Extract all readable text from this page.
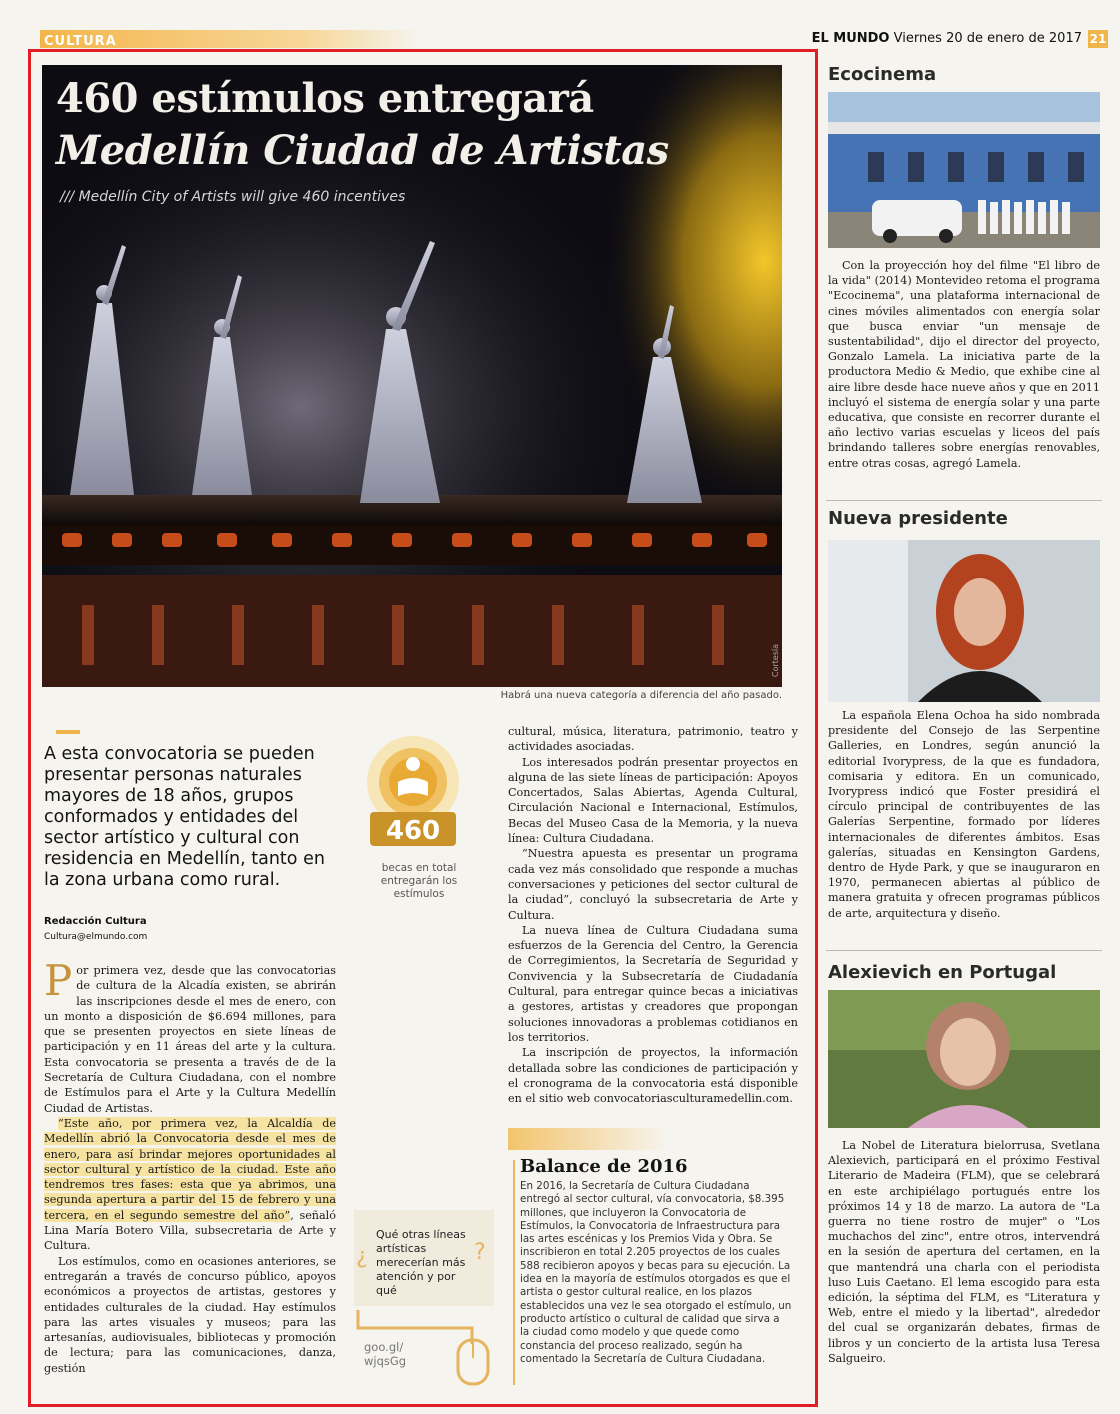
CULTURA	EL MUNDO Viernes 20 de enero de 2017 21
460 estímulos entregará
Medellín Ciudad de Artistas
/// Medellín City of Artists will give 460 incentives
Cortesía
Habrá una nueva categoría a diferencia del año pasado.
A esta convocatoria se pueden presentar personas naturales mayores de 18 años, grupos conformados y entidades del sector artístico y cultural con residencia en Medellín, tanto en la zona urbana como rural.
Redacción Cultura
Cultura@elmundo.com
460
becas en total entregarán los estímulos

Por primera vez, desde que las convocatorias de cultura de la Alcadía existen, se abrirán las inscripciones desde el mes de enero, con un monto a disposición de $6.694 millones, para que se presenten proyectos en siete líneas de participación y en 11 áreas del arte y la cultura. Esta convocatoria se presenta a través de de la Secretaría de Cultura Ciudadana, con el nombre de Estímulos para el Arte y la Cultura Medellín Ciudad de Artistas.

“Este año, por primera vez, la Alcaldía de Medellín abrió la Convocatoria desde el mes de enero, para así brindar mejores oportunidades al sector cultural y artístico de la ciudad. Este año tendremos tres fases: esta que ya abrimos, una segunda apertura a partir del 15 de febrero y una tercera, en el segundo semestre del año”, señaló Lina María Botero Villa, subsecretaria de Arte y Cultura.

Los estímulos, como en ocasiones anteriores, se entregarán a través de concurso público, apoyos económicos a proyectos de artistas, gestores y entidades culturales de la ciudad. Hay estímulos para las artes visuales y museos; para las artesanías, audiovisuales, bibliotecas y promoción de lectura; para las comunicaciones, danza, gestión

cultural, música, literatura, patrimonio, teatro y actividades asociadas.

Los interesados podrán presentar proyectos en alguna de las siete líneas de participación: Apoyos Concertados, Salas Abiertas, Agenda Cultural, Circulación Nacional e Internacional, Estímulos, Becas del Museo Casa de la Memoria, y la nueva línea: Cultura Ciudadana.

“Nuestra apuesta es presentar un programa cada vez más consolidado que responde a muchas conversaciones y peticiones del sector cultural de la ciudad”, concluyó la subsecretaria de Arte y Cultura.

La nueva línea de Cultura Ciudadana suma esfuerzos de la Gerencia del Centro, la Gerencia de Corregimientos, la Secretaría de Seguridad y Convivencia y la Subsecretaría de Ciudadanía Cultural, para entregar quince becas a iniciativas a gestores, artistas y creadores que propongan soluciones innovadoras a problemas cotidianos en los territorios.

La inscripción de proyectos, la información detallada sobre las condiciones de participación y el cronograma de la convocatoria está disponible en el sitio web convocatoriasculturamedellin.com.

Balance de 2016
En 2016, la Secretaría de Cultura Ciudadana entregó al sector cultural, vía convocatoria, $8.395 millones, que incluyeron la Convocatoria de Estímulos, la Convocatoria de Infraestructura para las artes escénicas y los Premios Vida y Obra. Se inscribieron en total 2.205 proyectos de los cuales 588 recibieron apoyos y becas para su ejecución. La idea en la mayoría de estímulos otorgados es que el artista o gestor cultural realice, en los plazos establecidos una vez le sea otorgado el estímulo, un producto artístico o cultural de calidad que sirva a la ciudad como modelo y que quede como constancia del proceso realizado, según ha comentado la Secretaría de Cultura Ciudadana.
¿	?
Qué otras líneas artísticas merecerían más atención y por qué
goo.gl/
wjqsGg
Ecocinema

Con la proyección hoy del filme "El libro de la vida" (2014) Montevideo retoma el programa "Ecocinema", una plataforma internacional de cines móviles alimentados con energía solar que busca enviar "un mensaje de sustentabilidad", dijo el director del proyecto, Gonzalo Lamela. La iniciativa parte de la productora Medio & Medio, que exhibe cine al aire libre desde hace nueve años y que en 2011 incluyó el sistema de energía solar y una parte educativa, que consiste en recorrer durante el año lectivo varias escuelas y liceos del país brindando talleres sobre energías renovables, entre otras cosas, agregó Lamela.

Nueva presidente

La española Elena Ochoa ha sido nombrada presidente del Consejo de las Serpentine Galleries, en Londres, según anunció la editorial Ivorypress, de la que es fundadora, comisaria y editora. En un comunicado, Ivorypress indicó que Foster presidirá el círculo principal de contribuyentes de las Galerías Serpentine, formado por líderes internacionales de diferentes ámbitos. Esas galerías, situadas en Kensington Gardens, dentro de Hyde Park, y que se inauguraron en 1970, permanecen abiertas al público de manera gratuita y ofrecen programas públicos de arte, arquitectura y diseño.

Alexievich en Portugal

La Nobel de Literatura bielorrusa, Svetlana Alexievich, participará en el próximo Festival Literario de Madeira (FLM), que se celebrará en este archipiélago portugués entre los próximos 14 y 18 de marzo. La autora de "La guerra no tiene rostro de mujer" o "Los muchachos del zinc", entre otros, intervendrá en la sesión de apertura del certamen, en la que mantendrá una charla con el periodista luso Luis Caetano. El lema escogido para esta edición, la séptima del FLM, es "Literatura y Web, entre el miedo y la libertad", alrededor del cual se organizarán debates, firmas de libros y un concierto de la artista lusa Teresa Salgueiro.
